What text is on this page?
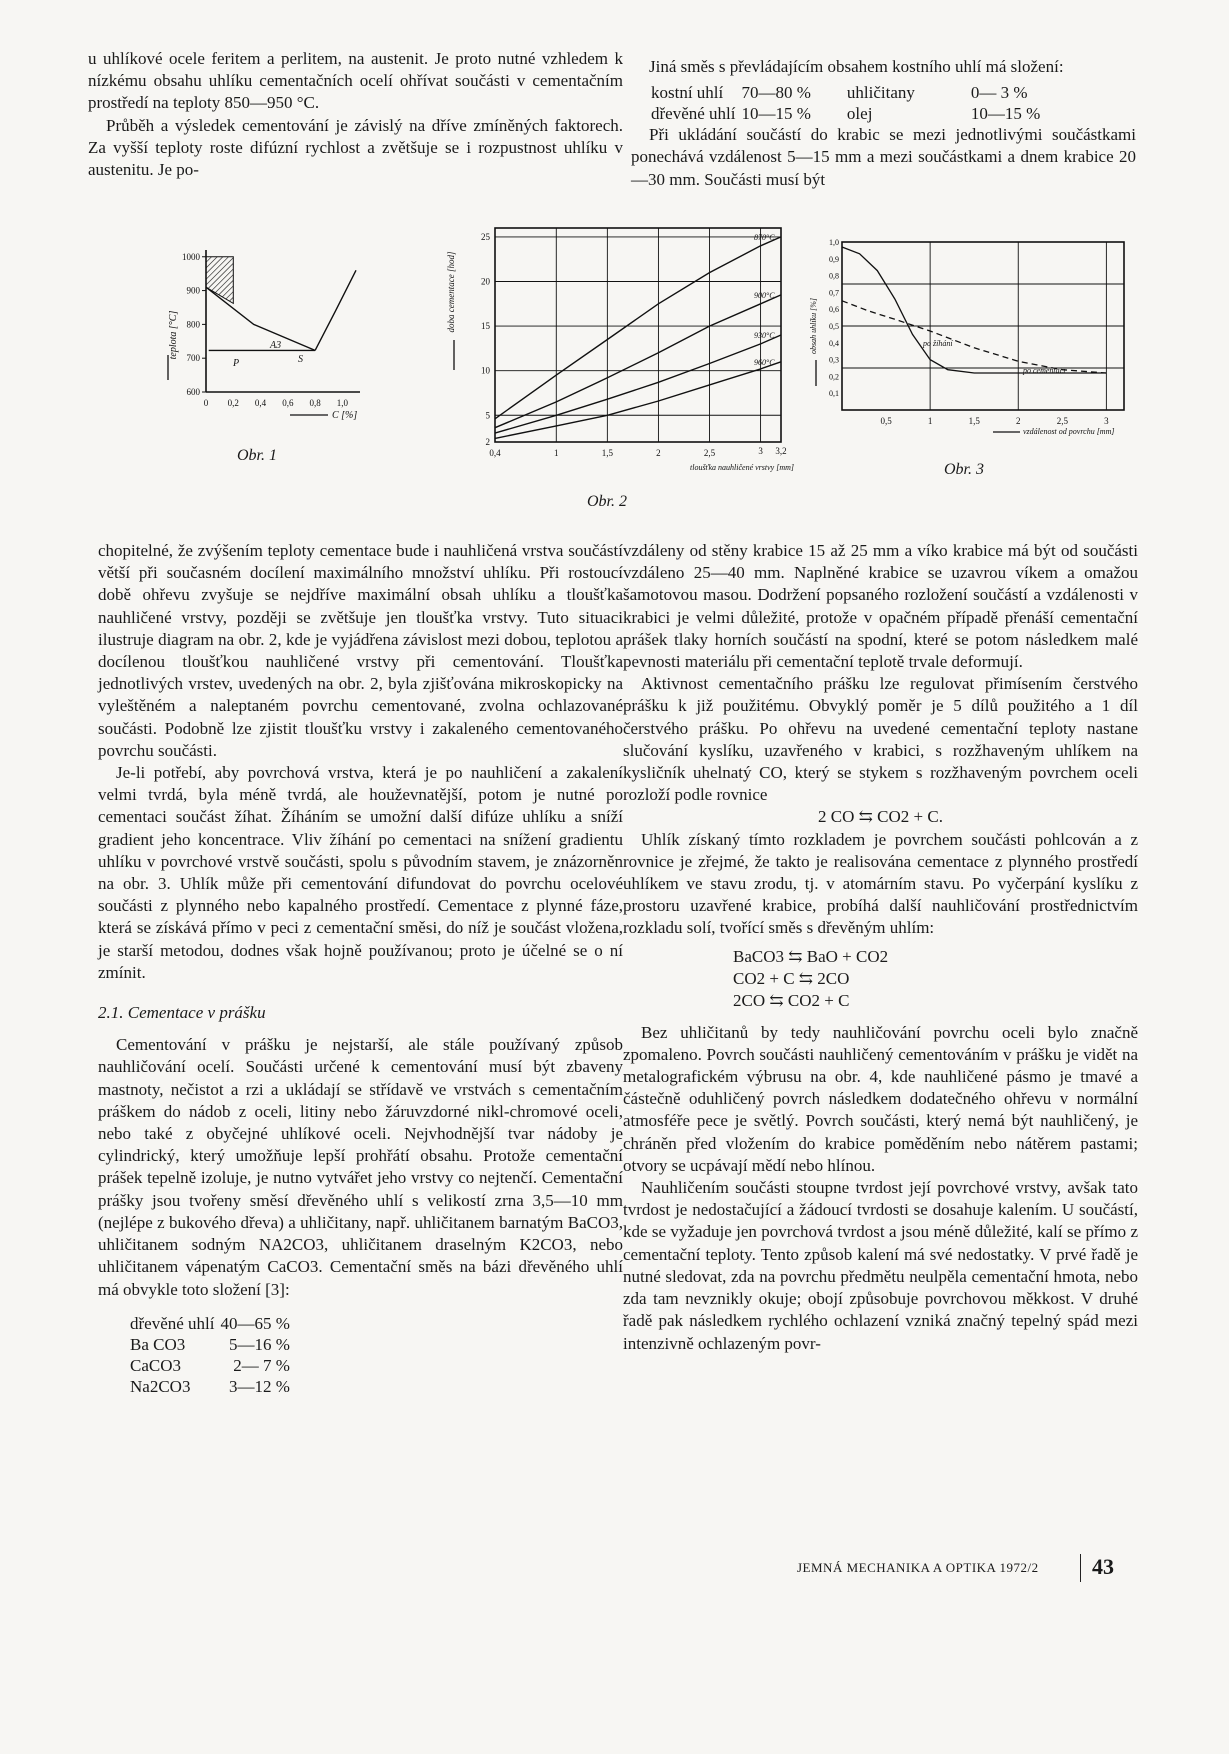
u uhlíkové ocele feritem a perlitem, na austenit. Je proto nutné vzhledem k nízkému obsahu uhlíku cementačních ocelí ohřívat součásti v cementačním prostředí na teploty 850—950 °C.

Průběh a výsledek cementování je závislý na dříve zmíněných faktorech. Za vyšší teploty roste difúzní rychlost a zvětšuje se i rozpustnost uhlíku v austenitu. Je po-

Jiná směs s převládajícím obsahem kostního uhlí má složení:

kostní uhlí	70—80 %	uhličitany	0— 3 %
dřevěné uhlí	10—15 %	olej	10—15 %

Při ukládání součástí do krabic se mezi jednotlivými součástkami ponechává vzdálenost 5—15 mm a mezi součástkami a dnem krabice 20—30 mm. Součásti musí být

1000
900
800
700
600
0 0,2 0,4 0,6 0,8 1,0
teplota [°C]
C [%]
A3
P	S
Obr. 1
25
20
15
10
5
2
0,4	1	1,5	2	2,5	3 3,2
870°C
900°C
930°C
960°C
doba cementace [hod]
tloušťka nauhličené vrstvy [mm]
Obr. 2
1,0
0,9
0,8
0,7
0,6
0,5
0,4
0,3
0,2
0,1
0,5	1	1,5	2	2,5	3
obsah uhlíku [%]
vzdálenost od povrchu [mm]
po žíhání
po cementaci
Obr. 3

chopitelné, že zvýšením teploty cementace bude i nauhličená vrstva součástí větší při současném docílení maximálního množství uhlíku. Při rostoucí době ohřevu zvyšuje se nejdříve maximální obsah uhlíku a tloušťka nauhličené vrstvy, později se zvětšuje jen tloušťka vrstvy. Tuto situaci ilustruje diagram na obr. 2, kde je vyjádřena závislost mezi dobou, teplotou a docílenou tloušťkou nauhličené vrstvy při cementování. Tloušťka jednotlivých vrstev, uvedených na obr. 2, byla zjišťována mikroskopicky na vyleštěném a naleptaném povrchu cementované, zvolna ochlazované součásti. Podobně lze zjistit tloušťku vrstvy i zakaleného cementovaného povrchu součásti.

Je-li potřebí, aby povrchová vrstva, která je po nauhličení a zakalení velmi tvrdá, byla méně tvrdá, ale houževnatější, potom je nutné po cementaci součást žíhat. Žíháním se umožní další difúze uhlíku a sníží gradient jeho koncentrace. Vliv žíhání po cementaci na snížení gradientu uhlíku v povrchové vrstvě součásti, spolu s původním stavem, je znázorněn na obr. 3. Uhlík může při cementování difundovat do povrchu ocelové součásti z plynného nebo kapalného prostředí. Cementace z plynné fáze, která se získává přímo v peci z cementační směsi, do níž je součást vložena, je starší metodou, dodnes však hojně používanou; proto je účelné se o ní zmínit.

2.1. Cementace v prášku

Cementování v prášku je nejstarší, ale stále používaný způsob nauhličování ocelí. Součásti určené k cementování musí být zbaveny mastnoty, nečistot a rzi a ukládají se střídavě ve vrstvách s cementačním práškem do nádob z oceli, litiny nebo žáruvzdorné nikl-chromové oceli, nebo také z obyčejné uhlíkové oceli. Nejvhodnější tvar nádoby je cylindrický, který umožňuje lepší prohřátí obsahu. Protože cementační prášek tepelně izoluje, je nutno vytvářet jeho vrstvy co nejtenčí. Cementační prášky jsou tvořeny směsí dřevěného uhlí s velikostí zrna 3,5—10 mm (nejlépe z bukového dřeva) a uhličitany, např. uhličitanem barnatým BaCO3, uhličitanem sodným NA2CO3, uhličitanem draselným K2CO3, nebo uhličitanem vápenatým CaCO3. Cementační směs na bázi dřevěného uhlí má obvykle toto složení [3]:

dřevěné uhlí	40—65 %
Ba CO3	5—16 %
CaCO3	2— 7 %
Na2CO3	3—12 %

vzdáleny od stěny krabice 15 až 25 mm a víko krabice má být od součásti vzdáleno 25—40 mm. Naplněné krabice se uzavrou víkem a omažou šamotovou masou. Dodržení popsaného rozložení součástí a vzdálenosti v krabici je velmi důležité, protože v opačném případě přenáší cementační prášek tlaky horních součástí na spodní, které se potom následkem malé pevnosti materiálu při cementační teplotě trvale deformují.

Aktivnost cementačního prášku lze regulovat přimísením čerstvého prášku k již použitému. Obvyklý poměr je 5 dílů použitého a 1 díl čerstvého prášku. Po ohřevu na uvedené cementační teploty nastane slučování kyslíku, uzavřeného v krabici, s rozžhaveným uhlíkem na kysličník uhelnatý CO, který se stykem s rozžhaveným povrchem oceli rozloží podle rovnice

2 CO ⇆ CO2 + C.

Uhlík získaný tímto rozkladem je povrchem součásti pohlcován a z rovnice je zřejmé, že takto je realisována cementace z plynného prostředí uhlíkem ve stavu zrodu, tj. v atomárním stavu. Po vyčerpání kyslíku z prostoru uzavřené krabice, probíhá další nauhličování prostřednictvím rozkladu solí, tvořící směs s dřevěným uhlím:

BaCO3 ⇆ BaO + CO2
CO2 + C ⇆ 2CO
2CO ⇆ CO2 + C

Bez uhličitanů by tedy nauhličování povrchu oceli bylo značně zpomaleno. Povrch součásti nauhličený cementováním v prášku je vidět na metalografickém výbrusu na obr. 4, kde nauhličené pásmo je tmavé a částečně oduhličený povrch následkem dodatečného ohřevu v normální atmosféře pece je světlý. Povrch součásti, který nemá být nauhličený, je chráněn před vložením do krabice poměděním nebo nátěrem pastami; otvory se ucpávají mědí nebo hlínou.

Nauhličením součásti stoupne tvrdost její povrchové vrstvy, avšak tato tvrdost je nedostačující a žádoucí tvrdosti se dosahuje kalením. U součástí, kde se vyžaduje jen povrchová tvrdost a jsou méně důležité, kalí se přímo z cementační teploty. Tento způsob kalení má své nedostatky. V prvé řadě je nutné sledovat, zda na povrchu předmětu neulpěla cementační hmota, nebo zda tam nevznikly okuje; obojí způsobuje povrchovou měkkost. V druhé řadě pak následkem rychlého ochlazení vzniká značný tepelný spád mezi intenzivně ochlazeným povr-

JEMNÁ MECHANIKA A OPTIKA 1972/2 43
